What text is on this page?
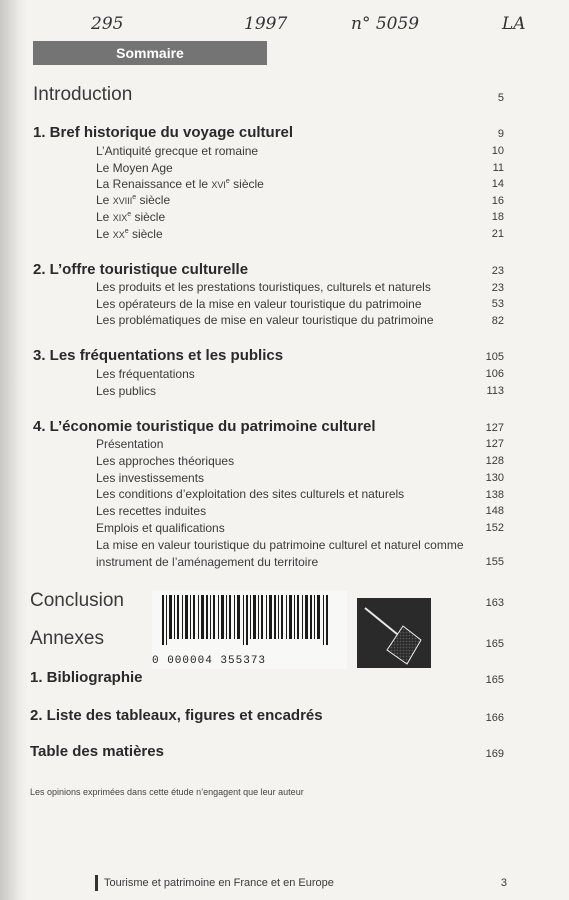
295	1997	n° 5059	LA
Sommaire
Introduction	5
1. Bref historique du voyage culturel	9
L’Antiquité grecque et romaine	10
Le Moyen Age	11
La Renaissance et le XVIe siècle	14
Le XVIIIe siècle	16
Le XIXe siècle	18
Le XXe siècle	21
2. L’offre touristique culturelle	23
Les produits et les prestations touristiques, culturels et naturels	23
Les opérateurs de la mise en valeur touristique du patrimoine	53
Les problématiques de mise en valeur touristique du patrimoine	82
3. Les fréquentations et les publics	105
Les fréquentations	106
Les publics	113
4. L’économie touristique du patrimoine culturel	127
Présentation	127
Les approches théoriques	128
Les investissements	130
Les conditions d’exploitation des sites culturels et naturels	138
Les recettes induites	148
Emplois et qualifications	152
La mise en valeur touristique du patrimoine culturel et naturel comme
instrument de l’aménagement du territoire	155
Conclusion	163
0 000004 355373
Annexes	165
1. Bibliographie	165
2. Liste des tableaux, figures et encadrés	166
Table des matières	169
Les opinions exprimées dans cette étude n’engagent que leur auteur
Tourisme et patrimoine en France et en Europe	3
